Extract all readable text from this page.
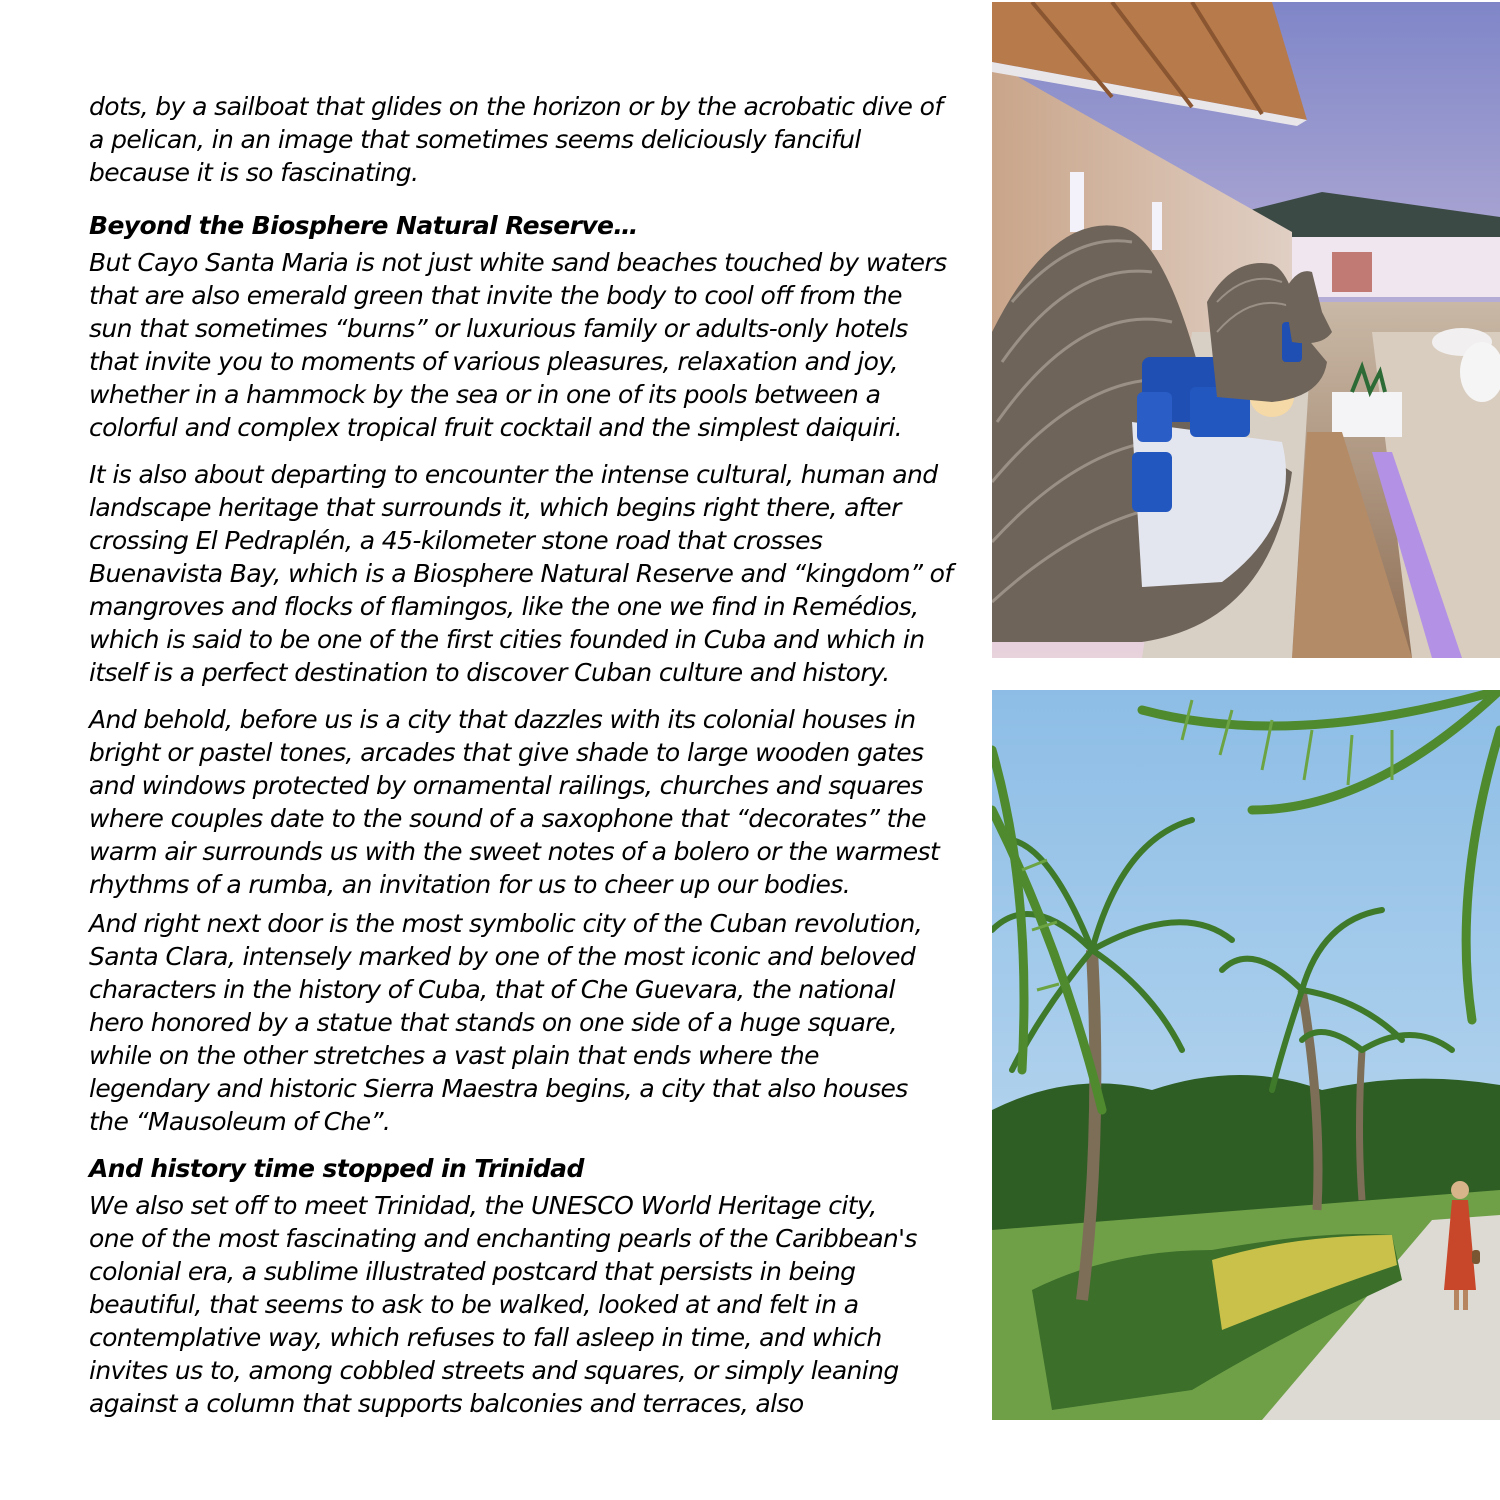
dots, by a sailboat that glides on the horizon or by the acrobatic dive of
a pelican, in an image that sometimes seems deliciously fanciful
because it is so fascinating.
Beyond the Biosphere Natural Reserve…
But Cayo Santa Maria is not just white sand beaches touched by waters
that are also emerald green that invite the body to cool off from the
sun that sometimes “burns” or luxurious family or adults-only hotels
that invite you to moments of various pleasures, relaxation and joy,
whether in a hammock by the sea or in one of its pools between a
colorful and complex tropical fruit cocktail and the simplest daiquiri.
It is also about departing to encounter the intense cultural, human and
landscape heritage that surrounds it, which begins right there, after
crossing El Pedraplén, a 45-kilometer stone road that crosses
Buenavista Bay, which is a Biosphere Natural Reserve and “kingdom” of
mangroves and flocks of flamingos, like the one we find in Remédios,
which is said to be one of the first cities founded in Cuba and which in
itself is a perfect destination to discover Cuban culture and history.
And behold, before us is a city that dazzles with its colonial houses in
bright or pastel tones, arcades that give shade to large wooden gates
and windows protected by ornamental railings, churches and squares
where couples date to the sound of a saxophone that “decorates” the
warm air surrounds us with the sweet notes of a bolero or the warmest
rhythms of a rumba, an invitation for us to cheer up our bodies.
And right next door is the most symbolic city of the Cuban revolution,
Santa Clara, intensely marked by one of the most iconic and beloved
characters in the history of Cuba, that of Che Guevara, the national
hero honored by a statue that stands on one side of a huge square,
while on the other stretches a vast plain that ends where the
legendary and historic Sierra Maestra begins, a city that also houses
the “Mausoleum of Che”.
And history time stopped in Trinidad
We also set off to meet Trinidad, the UNESCO World Heritage city,
one of the most fascinating and enchanting pearls of the Caribbean's
colonial era, a sublime illustrated postcard that persists in being
beautiful, that seems to ask to be walked, looked at and felt in a
contemplative way, which refuses to fall asleep in time, and which
invites us to, among cobbled streets and squares, or simply leaning
against a column that supports balconies and terraces, also
